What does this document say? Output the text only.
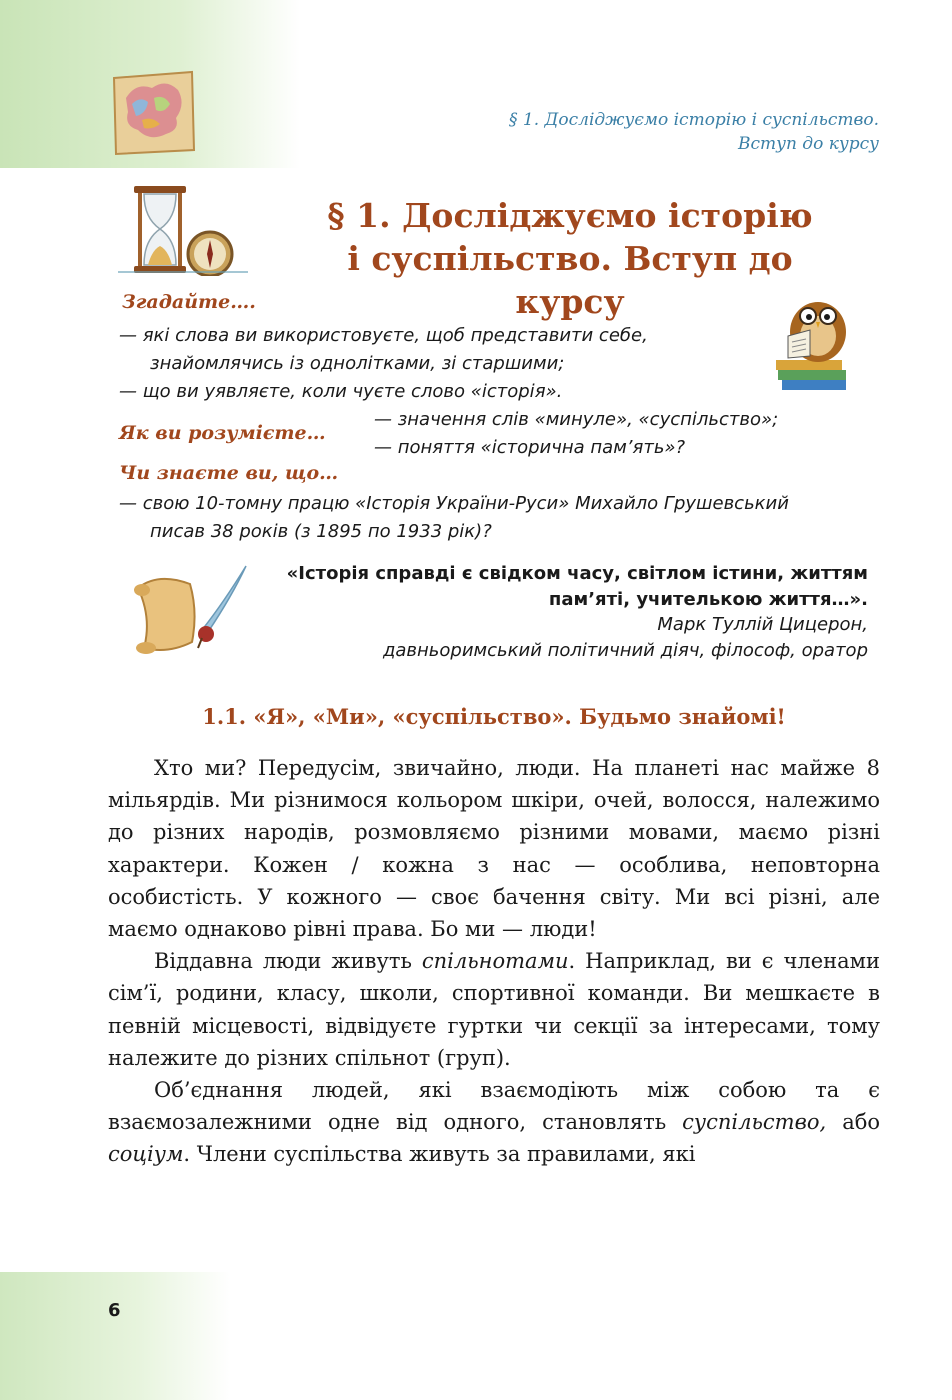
§ 1. Досліджуємо історію і суспільство.
Вступ до курсу
§ 1. Досліджуємо історію
і суспільство. Вступ до курсу
Згадайте….
— які слова ви використовуєте, щоб представити себе,
знайомлячись із однолітками, зі старшими;
— що ви уявляєте, коли чуєте слово «історія».
Як ви розумієте…
— значення слів «минуле», «суспільство»;
— поняття «історична пам’ять»?
Чи знаєте ви, що…
— свою 10-томну працю «Історія України-Руси» Михайло Грушевський
писав 38 років (з 1895 по 1933 рік)?
«Історія справді є свідком часу, світлом істини, життям
пам’яті, учителькою життя…».
Марк Туллій Цицерон,
давньоримський політичний діяч, філософ, оратор
1.1. «Я», «Ми», «суспільство». Будьмо знайомі!

Хто ми? Передусім, звичайно, люди. На планеті нас майже 8 мільярдів. Ми різнимося кольором шкіри, очей, волосся, належимо до різних народів, розмовляємо різними мовами, маємо різні характери. Кожен / кожна з нас — особлива, неповторна особистість. У кожного — своє бачення світу. Ми всі різні, але маємо однаково рівні права. Бо ми — люди!

Віддавна люди живуть спільнотами. Наприклад, ви є членами сім’ї, родини, класу, школи, спортивної команди. Ви мешкаєте в певній місцевості, відвідуєте гуртки чи секції за інтересами, тому належите до різних спільнот (груп).

Об’єднання людей, які взаємодіють між собою та є взаємозалежними одне від одного, становлять суспільство, або соціум. Члени суспільства живуть за правилами, які

6
